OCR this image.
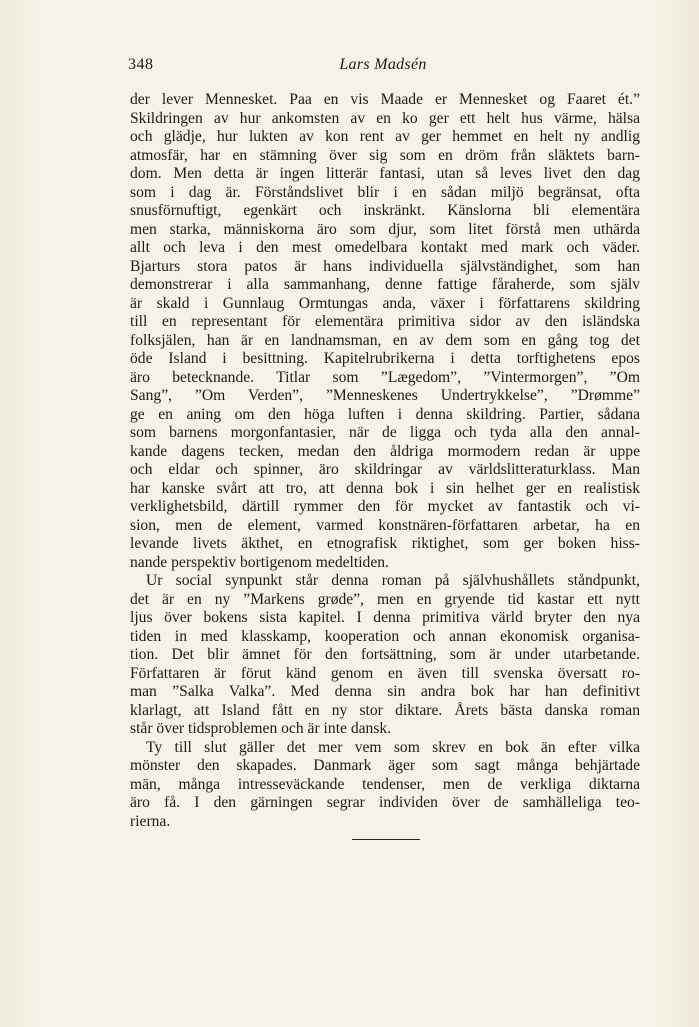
348	Lars Madsén
der lever Mennesket. Paa en vis Maade er Mennesket og Faaret ét.”
Skildringen av hur ankomsten av en ko ger ett helt hus värme, hälsa
och glädje, hur lukten av kon rent av ger hemmet en helt ny andlig
atmosfär, har en stämning över sig som en dröm från släktets barn-
dom. Men detta är ingen litterär fantasi, utan så leves livet den dag
som i dag är. Förståndslivet blir i en sådan miljö begränsat, ofta
snusförnuftigt, egenkärt och inskränkt. Känslorna bli elementära
men starka, människorna äro som djur, som litet förstå men uthärda
allt och leva i den mest omedelbara kontakt med mark och väder.
Bjarturs stora patos är hans individuella självständighet, som han
demonstrerar i alla sammanhang, denne fattige fåraherde, som själv
är skald i Gunnlaug Ormtungas anda, växer i författarens skildring
till en representant för elementära primitiva sidor av den isländska
folksjälen, han är en landnamsman, en av dem som en gång tog det
öde Island i besittning. Kapitelrubrikerna i detta torftighetens epos
äro betecknande. Titlar som ”Lægedom”, ”Vintermorgen”, ”Om
Sang”, ”Om Verden”, ”Menneskenes Undertrykkelse”, ”Drømme”
ge en aning om den höga luften i denna skildring. Partier, sådana
som barnens morgonfantasier, när de ligga och tyda alla den annal-
kande dagens tecken, medan den åldriga mormodern redan är uppe
och eldar och spinner, äro skildringar av världslitteraturklass. Man
har kanske svårt att tro, att denna bok i sin helhet ger en realistisk
verklighetsbild, därtill rymmer den för mycket av fantastik och vi-
sion, men de element, varmed konstnären-författaren arbetar, ha en
levande livets äkthet, en etnografisk riktighet, som ger boken hiss-
nande perspektiv bortigenom medeltiden.
Ur social synpunkt står denna roman på självhushållets ståndpunkt,
det är en ny ”Markens grøde”, men en gryende tid kastar ett nytt
ljus över bokens sista kapitel. I denna primitiva värld bryter den nya
tiden in med klasskamp, kooperation och annan ekonomisk organisa-
tion. Det blir ämnet för den fortsättning, som är under utarbetande.
Författaren är förut känd genom en även till svenska översatt ro-
man ”Salka Valka”. Med denna sin andra bok har han definitivt
klarlagt, att Island fått en ny stor diktare. Årets bästa danska roman
står över tidsproblemen och är inte dansk.
Ty till slut gäller det mer vem som skrev en bok än efter vilka
mönster den skapades. Danmark äger som sagt många behjärtade
män, många intresseväckande tendenser, men de verkliga diktarna
äro få. I den gärningen segrar individen över de samhälleliga teo-
rierna.
